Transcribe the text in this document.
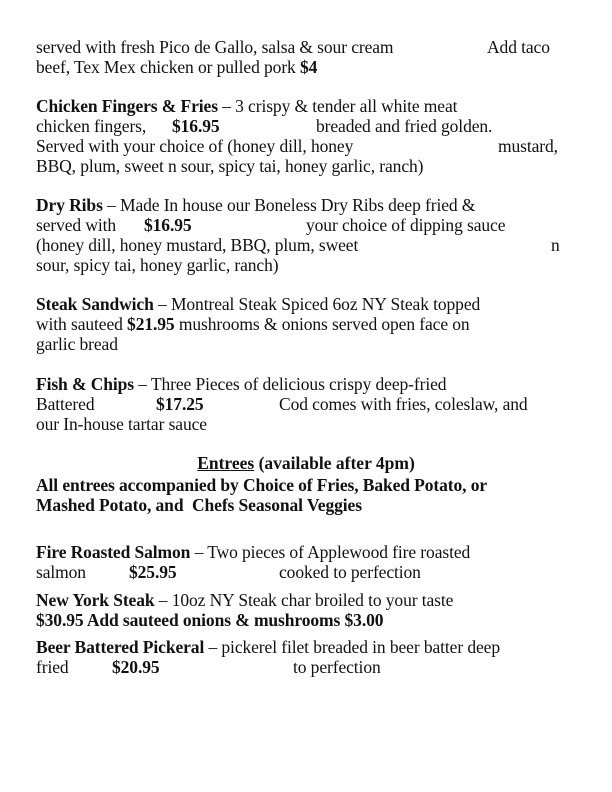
served with fresh Pico de Gallo, salsa & sour cream	Add taco
beef, Tex Mex chicken or pulled pork $4
Chicken Fingers & Fries – 3 crispy & tender all white meat
chicken fingers, $16.95	breaded and fried golden.
Served with your choice of (honey dill, honey	mustard,
BBQ, plum, sweet n sour, spicy tai, honey garlic, ranch)
Dry Ribs – Made In house our Boneless Dry Ribs deep fried &
served with $16.95	your choice of dipping sauce
(honey dill, honey mustard, BBQ, plum, sweet	n
sour, spicy tai, honey garlic, ranch)
Steak Sandwich – Montreal Steak Spiced 6oz NY Steak topped
with sauteed $21.95 mushrooms & onions served open face on
garlic bread
Fish & Chips – Three Pieces of delicious crispy deep-fried
Battered	$17.25	Cod comes with fries, coleslaw, and
our In-house tartar sauce
Entrees (available after 4pm)
All entrees accompanied by Choice of Fries, Baked Potato, or
Mashed Potato, and  Chefs Seasonal Veggies
Fire Roasted Salmon – Two pieces of Applewood fire roasted
salmon $25.95	cooked to perfection
New York Steak – 10oz NY Steak char broiled to your taste
$30.95 Add sauteed onions & mushrooms $3.00
Beer Battered Pickeral – pickerel filet breaded in beer batter deep
fried $20.95	to perfection
